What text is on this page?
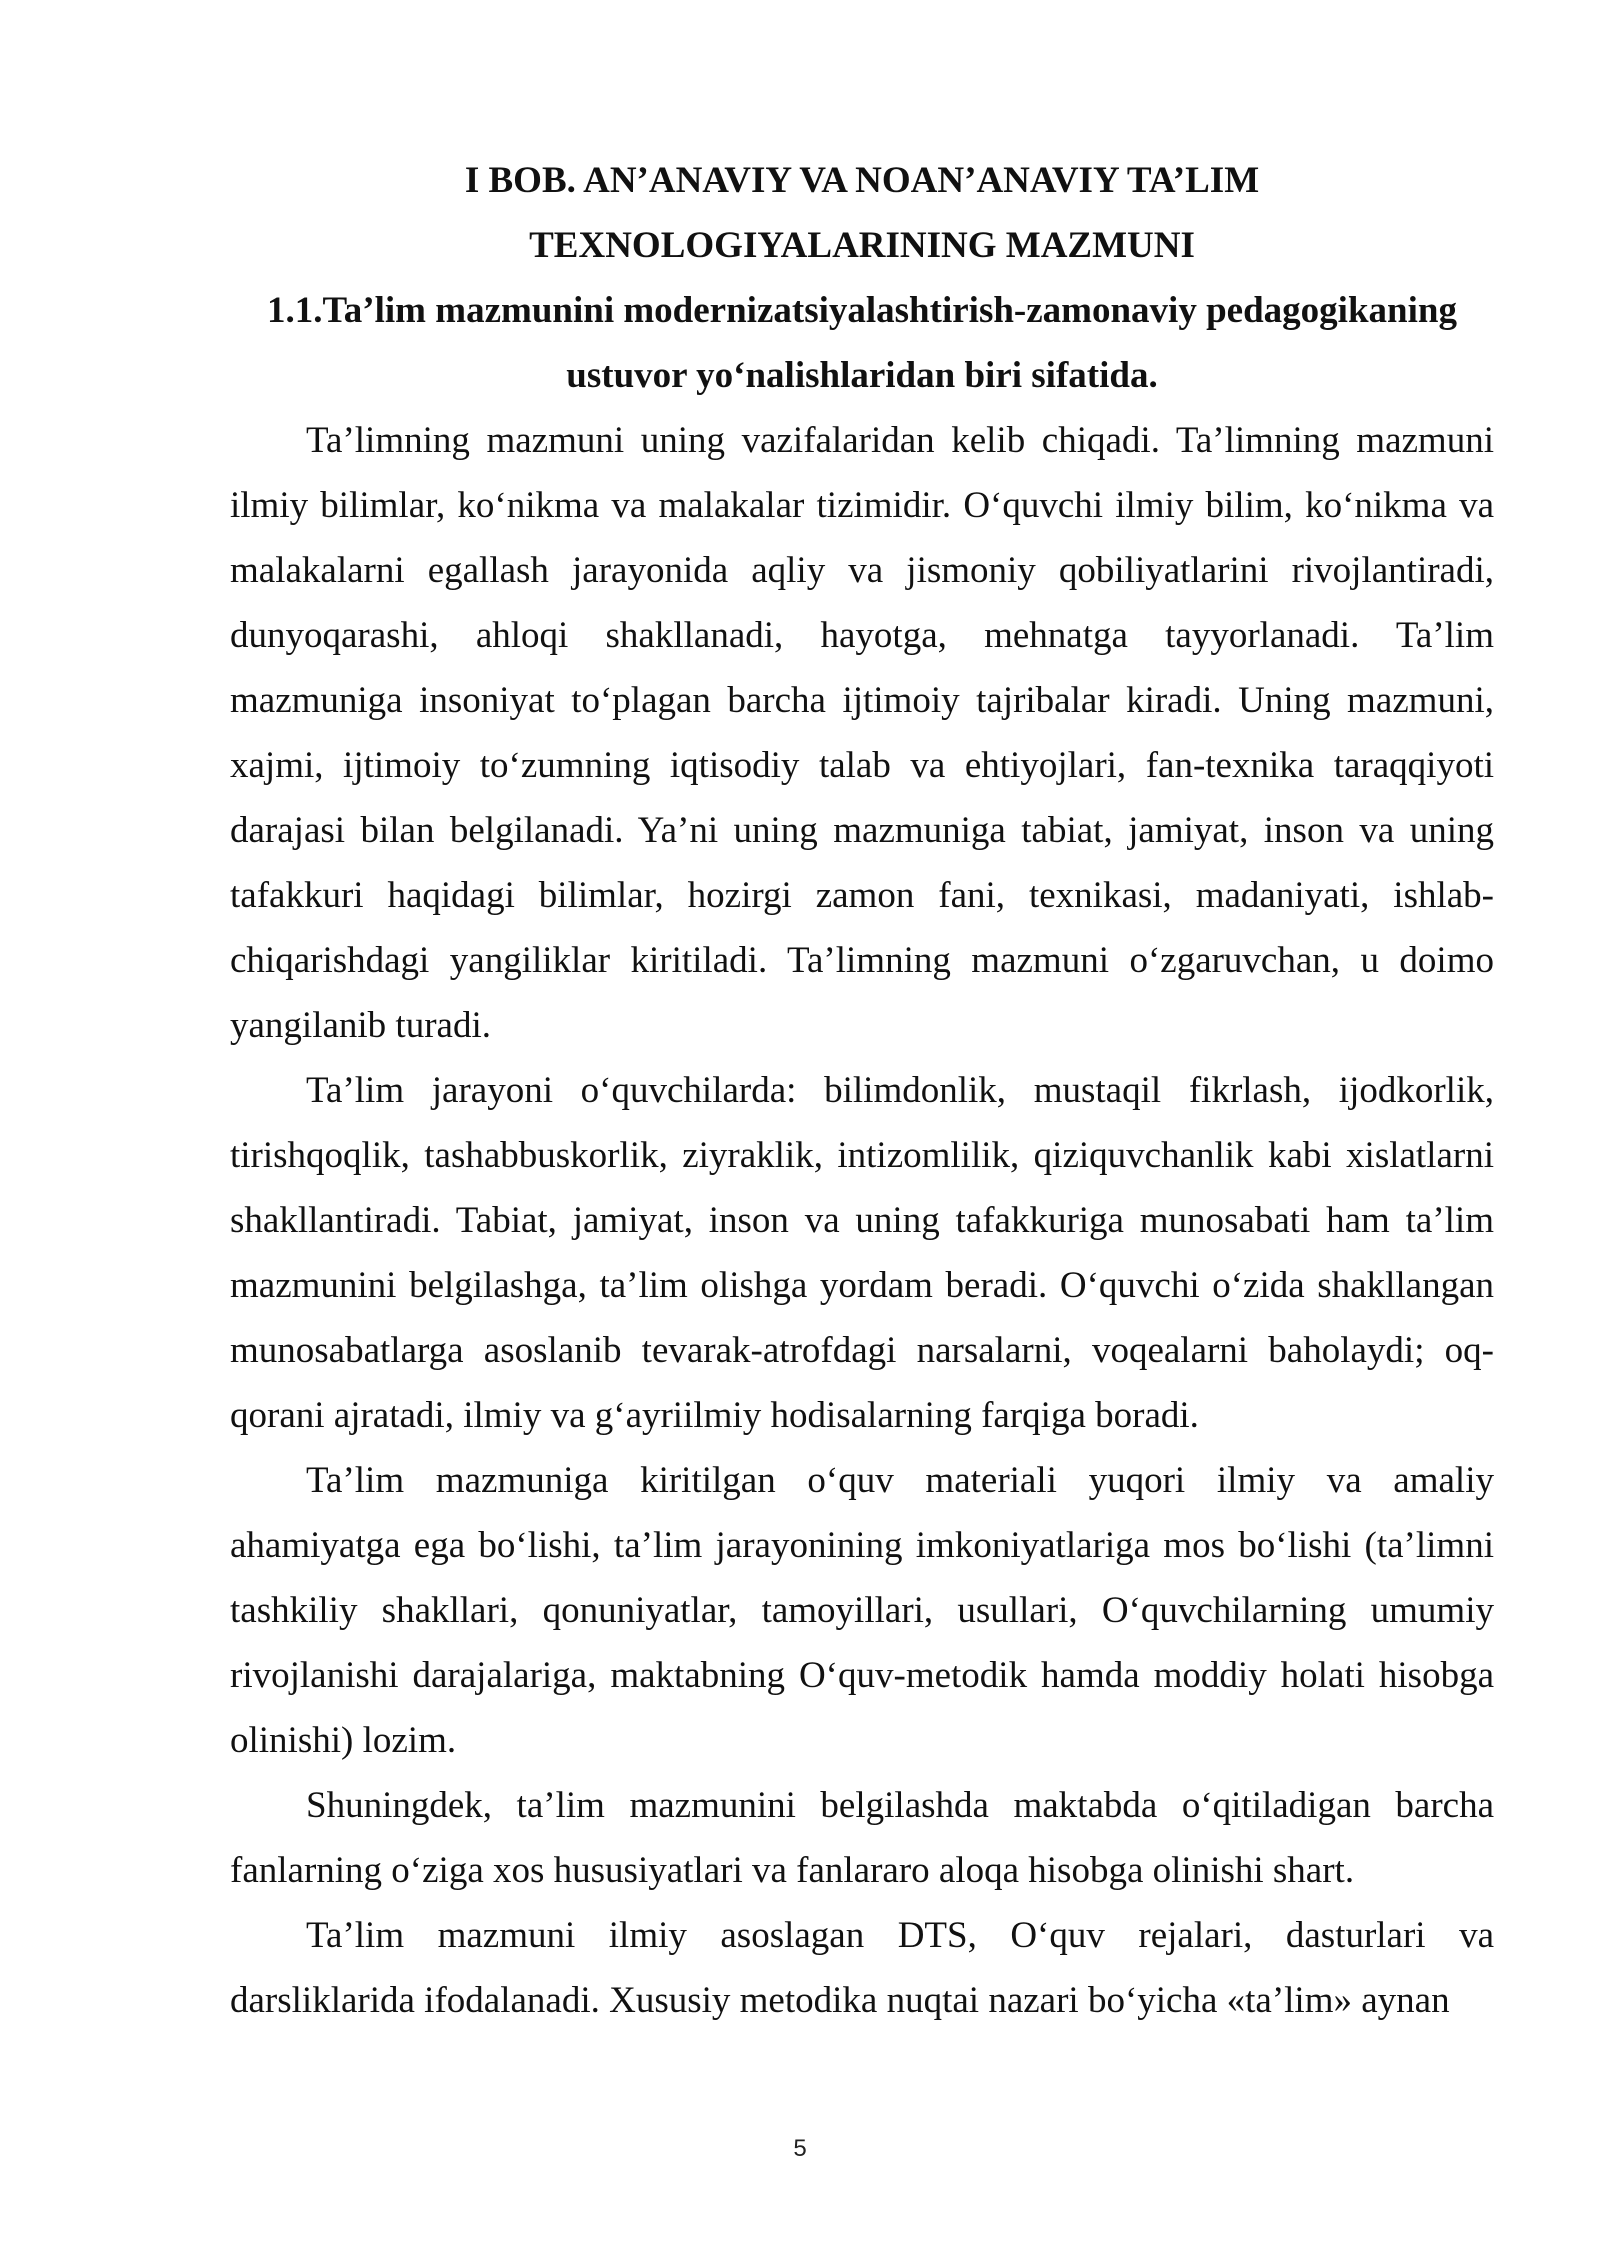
I BOB. AN’ANAVIY VA NOAN’ANAVIY TA’LIM

TEXNOLOGIYALARINING MAZMUNI

1.1.Ta’lim mazmunini modernizatsiyalashtirish-zamonaviy pedagogikaning

ustuvor yo‘nalishlaridan biri sifatida.

Ta’limning mazmuni uning vazifalaridan kelib chiqadi. Ta’limning mazmuni ilmiy bilimlar, ko‘nikma va malakalar tizimidir. O‘quvchi ilmiy bilim, ko‘nikma va malakalarni egallash jarayonida aqliy va jismoniy qobiliyatlarini rivojlantiradi, dunyoqarashi, ahloqi shakllanadi, hayotga, mehnatga tayyorlanadi. Ta’lim mazmuniga insoniyat to‘plagan barcha ijtimoiy tajribalar kiradi. Uning mazmuni, xajmi, ijtimoiy to‘zumning iqtisodiy talab va ehtiyojlari, fan-texnika taraqqiyoti darajasi bilan belgilanadi. Ya’ni uning mazmuniga tabiat, jamiyat, inson va uning tafakkuri haqidagi bilimlar, hozirgi zamon fani, texnikasi, madaniyati, ishlab-chiqarishdagi yangiliklar kiritiladi. Ta’limning mazmuni o‘zgaruvchan, u doimo yangilanib turadi.

Ta’lim jarayoni o‘quvchilarda: bilimdonlik, mustaqil fikrlash, ijodkorlik, tirishqoqlik, tashabbuskorlik, ziyraklik, intizomlilik, qiziquvchanlik kabi xislatlarni shakllantiradi. Tabiat, jamiyat, inson va uning tafakkuriga munosabati ham ta’lim mazmunini belgilashga, ta’lim olishga yordam beradi. O‘quvchi o‘zida shakllangan munosabatlarga asoslanib tevarak-atrofdagi narsalarni, voqealarni baholaydi; oq-qorani ajratadi, ilmiy va g‘ayriilmiy hodisalarning farqiga boradi.

Ta’lim mazmuniga kiritilgan o‘quv materiali yuqori ilmiy va amaliy ahamiyatga ega bo‘lishi, ta’lim jarayonining imkoniyatlariga mos bo‘lishi (ta’limni tashkiliy shakllari, qonuniyatlar, tamoyillari, usullari, O‘quvchilarning umumiy rivojlanishi darajalariga, maktabning O‘quv-metodik hamda moddiy holati hisobga olinishi) lozim.

Shuningdek, ta’lim mazmunini belgilashda maktabda o‘qitiladigan barcha fanlarning o‘ziga xos hususiyatlari va fanlararo aloqa hisobga olinishi shart.

Ta’lim mazmuni ilmiy asoslagan DTS, O‘quv rejalari, dasturlari va darsliklarida ifodalanadi. Xususiy metodika nuqtai nazari bo‘yicha «ta’lim» aynan

5
